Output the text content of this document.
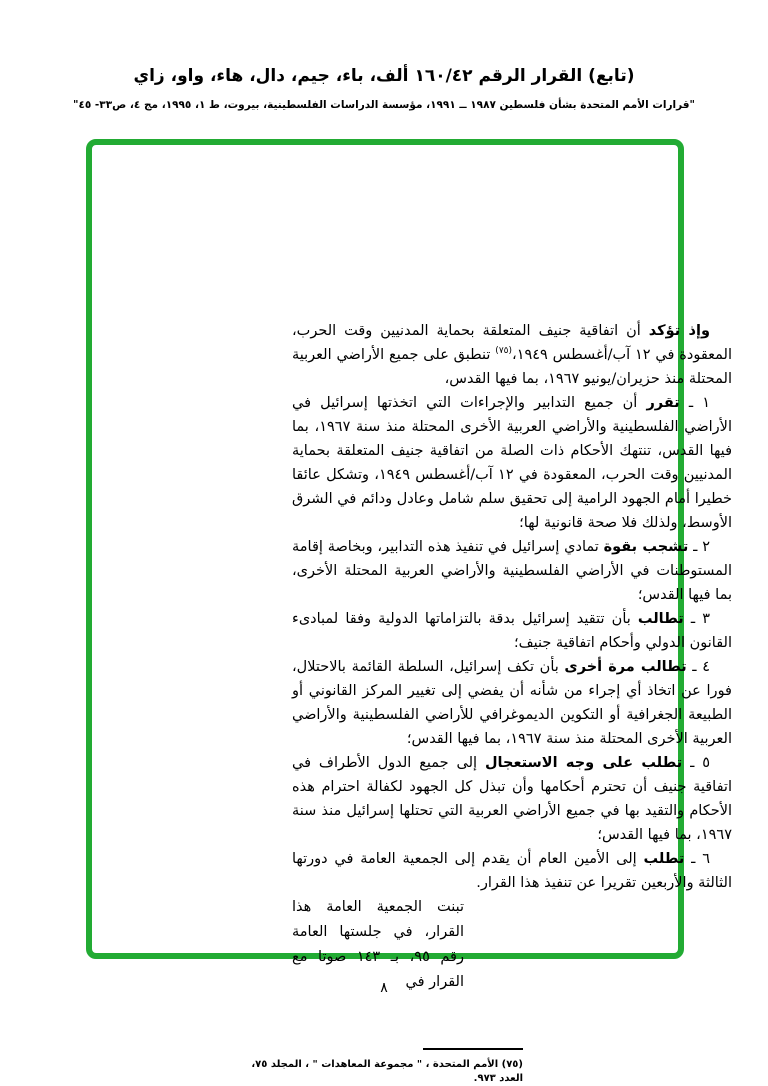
(تابع) القرار الرقم ١٦٠/٤٢ ألف، باء، جيم، دال، هاء، واو، زاي
"قرارات الأمم المتحدة بشأن فلسطين ١٩٨٧ ــ ١٩٩١، مؤسسة الدراسات الفلسطينية، بيروت، ط ١، ١٩٩٥، مج ٤، ص٣٣- ٤٥"

وإذ تؤكد أن اتفاقية جنيف المتعلقة بحماية المدنيين وقت الحرب، المعقودة في ١٢ آب/أغسطس ١٩٤٩،$^{(٧٥)}$ تنطبق على جميع الأراضي العربية المحتلة منذ حزيران/يونيو ١٩٦٧، بما فيها القدس،

١ ـ تقرر أن جميع التدابير والإجراءات التي اتخذتها إسرائيل في الأراضي الفلسطينية والأراضي العربية الأخرى المحتلة منذ سنة ١٩٦٧، بما فيها القدس، تنتهك الأحكام ذات الصلة من اتفاقية جنيف المتعلقة بحماية المدنيين وقت الحرب، المعقودة في ١٢ آب/أغسطس ١٩٤٩، وتشكل عائقا خطيرا أمام الجهود الرامية إلى تحقيق سلم شامل وعادل ودائم في الشرق الأوسط، ولذلك فلا صحة قانونية لها؛

٢ ـ تشجب بقوة تمادي إسرائيل في تنفيذ هذه التدابير، وبخاصة إقامة المستوطنات في الأراضي الفلسطينية والأراضي العربية المحتلة الأخرى، بما فيها القدس؛

٣ ـ تطالب بأن تتقيد إسرائيل بدقة بالتزاماتها الدولية وفقا لمبادىء القانون الدولي وأحكام اتفاقية جنيف؛

٤ ـ تطالب مرة أخرى بأن تكف إسرائيل، السلطة القائمة بالاحتلال، فورا عن اتخاذ أي إجراء من شأنه أن يفضي إلى تغيير المركز القانوني أو الطبيعة الجغرافية أو التكوين الديموغرافي للأراضي الفلسطينية والأراضي العربية الأخرى المحتلة منذ سنة ١٩٦٧، بما فيها القدس؛

٥ ـ تطلب على وجه الاستعجال إلى جميع الدول الأطراف في اتفاقية جنيف أن تحترم أحكامها وأن تبذل كل الجهود لكفالة احترام هذه الأحكام والتقيد بها في جميع الأراضي العربية التي تحتلها إسرائيل منذ سنة ١٩٦٧، بما فيها القدس؛

٦ ـ تطلب إلى الأمين العام أن يقدم إلى الجمعية العامة في دورتها الثالثة والأربعين تقريرا عن تنفيذ هذا القرار.

تبنت الجمعية العامة هذا القرار، في جلستها العامة رقم ٩٥، بـ ١٤٣ صوتا مع القرار في
(٧٥) الأمم المتحدة ، " مجموعة المعاهدات " ، المجلد ٧٥، العدد ٩٧٣.
٨
